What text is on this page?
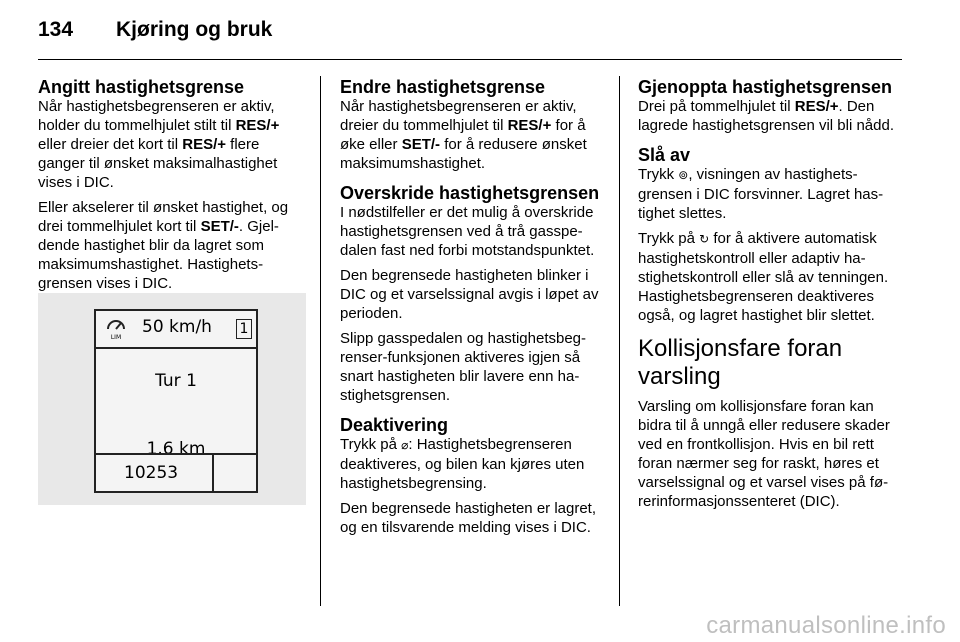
134 Kjøring og bruk
Angitt hastighetsgrense

Når hastighetsbegrenseren er aktiv, holder du tommelhjulet stilt til RES/+ eller dreier det kort til RES/+ flere ganger til ønsket maksimalhastighet vises i DIC.

Eller akselerer til ønsket hastighet, og drei tommelhjulet kort til SET/-. Gjeldende hastighet blir da lagret som maksimumshastighet. Hastighetsgrensen vises i DIC.

LIM
50 km/h 1
Tur 1
1.6 km
10253
Endre hastighetsgrense

Når hastighetsbegrenseren er aktiv, dreier du tommelhjulet til RES/+ for å øke eller SET/- for å redusere ønsket maksimumshastighet.

Overskride hastighetsgrensen

I nødstilfeller er det mulig å overskride hastighetsgrensen ved å trå gasspedalen fast ned forbi motstandspunktet.

Den begrensede hastigheten blinker i DIC og et varselssignal avgis i løpet av perioden.

Slipp gasspedalen og hastighetsbegrenser-funksjonen aktiveres igjen så snart hastigheten blir lavere enn hastighetsgrensen.

Deaktivering

Trykk på ⌀: Hastighetsbegrenseren deaktiveres, og bilen kan kjøres uten hastighetsbegrensing.

Den begrensede hastigheten er lagret, og en tilsvarende melding vises i DIC.

Gjenoppta hastighetsgrensen

Drei på tommelhjulet til RES/+. Den lagrede hastighetsgrensen vil bli nådd.

Slå av

Trykk ⊚, visningen av hastighetsgrensen i DIC forsvinner. Lagret hastighet slettes.

Trykk på ↻ for å aktivere automatisk hastighetskontroll eller adaptiv hastighetskontroll eller slå av tenningen. Hastighetsbegrenseren deaktiveres også, og lagret hastighet blir slettet.

Kollisjonsfare foran varsling

Varsling om kollisjonsfare foran kan bidra til å unngå eller redusere skader ved en frontkollisjon. Hvis en bil rett foran nærmer seg for raskt, høres et varselssignal og et varsel vises på førerinformasjonssenteret (DIC).

carmanualsonline.info
